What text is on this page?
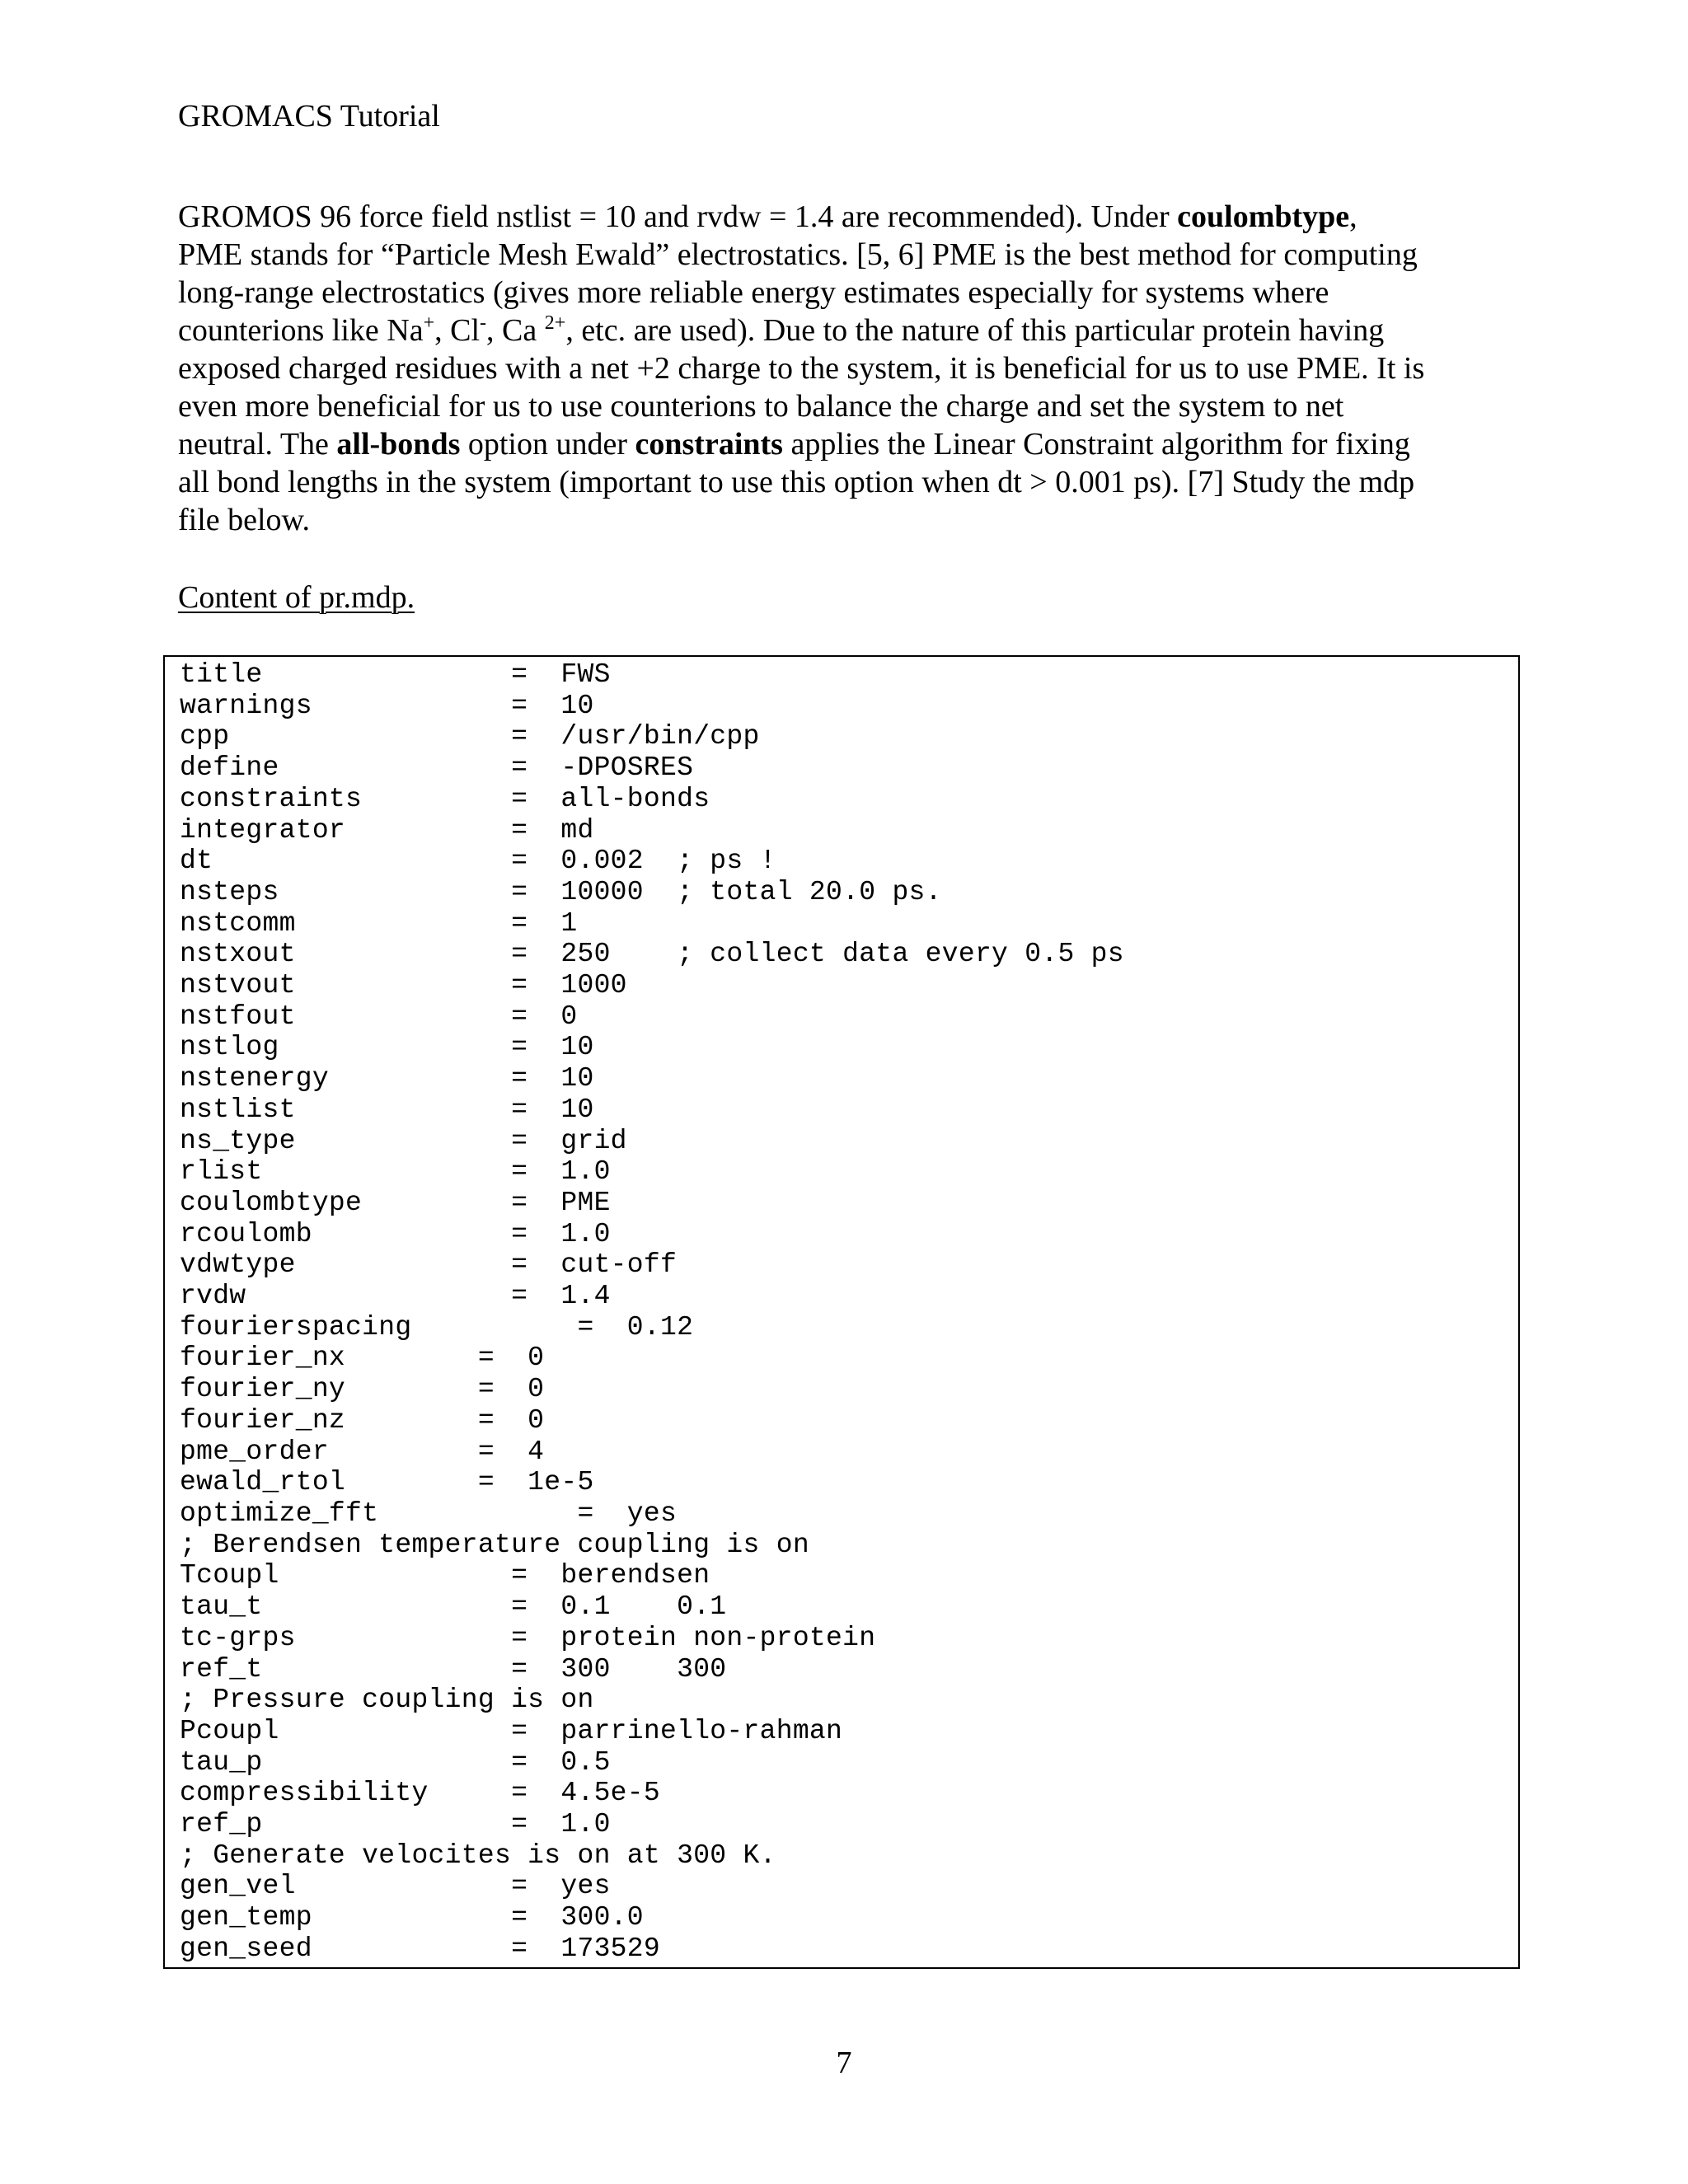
GROMACS Tutorial
GROMOS 96 force field nstlist = 10 and rvdw = 1.4 are recommended). Under coulombtype,
PME stands for “Particle Mesh Ewald” electrostatics. [5, 6] PME is the best method for computing
long-range electrostatics (gives more reliable energy estimates especially for systems where
counterions like Na+, Cl-, Ca $^{2+}$, etc. are used). Due to the nature of this particular protein having
exposed charged residues with a net +2 charge to the system, it is beneficial for us to use PME. It is
even more beneficial for us to use counterions to balance the charge and set the system to net
neutral. The all-bonds option under constraints applies the Linear Constraint algorithm for fixing
all bond lengths in the system (important to use this option when dt > 0.001 ps). [7] Study the mdp
file below.
Content of pr.mdp.
title               =  FWS
warnings            =  10
cpp                 =  /usr/bin/cpp
define              =  -DPOSRES
constraints         =  all-bonds
integrator          =  md
dt                  =  0.002  ; ps !
nsteps              =  10000  ; total 20.0 ps.
nstcomm             =  1
nstxout             =  250    ; collect data every 0.5 ps
nstvout             =  1000
nstfout             =  0
nstlog              =  10
nstenergy           =  10
nstlist             =  10
ns_type             =  grid
rlist               =  1.0
coulombtype         =  PME
rcoulomb            =  1.0
vdwtype             =  cut-off
rvdw                =  1.4
fourierspacing          =  0.12
fourier_nx        =  0
fourier_ny        =  0
fourier_nz        =  0
pme_order         =  4
ewald_rtol        =  1e-5
optimize_fft            =  yes
; Berendsen temperature coupling is on
Tcoupl              =  berendsen
tau_t               =  0.1    0.1
tc-grps             =  protein non-protein
ref_t               =  300    300
; Pressure coupling is on
Pcoupl              =  parrinello-rahman
tau_p               =  0.5
compressibility     =  4.5e-5
ref_p               =  1.0
; Generate velocites is on at 300 K.
gen_vel             =  yes
gen_temp            =  300.0
gen_seed            =  173529
7
